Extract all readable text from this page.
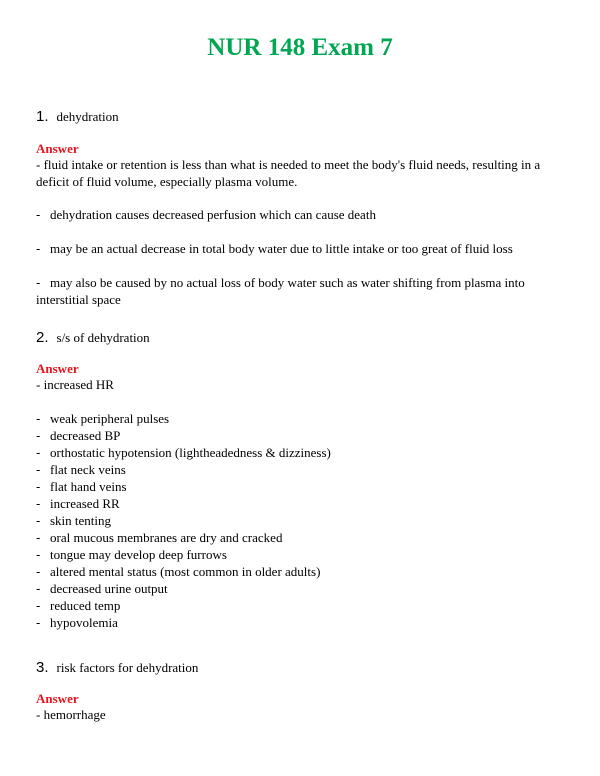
NUR 148 Exam 7
1. dehydration
Answer
- fluid intake or retention is less than what is needed to meet the body's fluid needs, resulting in a deficit of fluid volume, especially plasma volume.
- dehydration causes decreased perfusion which can cause death
- may be an actual decrease in total body water due to little intake or too great of fluid loss
- may also be caused by no actual loss of body water such as water shifting from plasma into interstitial space
2. s/s of dehydration
Answer
- increased HR
- weak peripheral pulses
- decreased BP
- orthostatic hypotension (lightheadedness & dizziness)
- flat neck veins
- flat hand veins
- increased RR
- skin tenting
- oral mucous membranes are dry and cracked
- tongue may develop deep furrows
- altered mental status (most common in older adults)
- decreased urine output
- reduced temp
- hypovolemia
3. risk factors for dehydration
Answer
- hemorrhage
